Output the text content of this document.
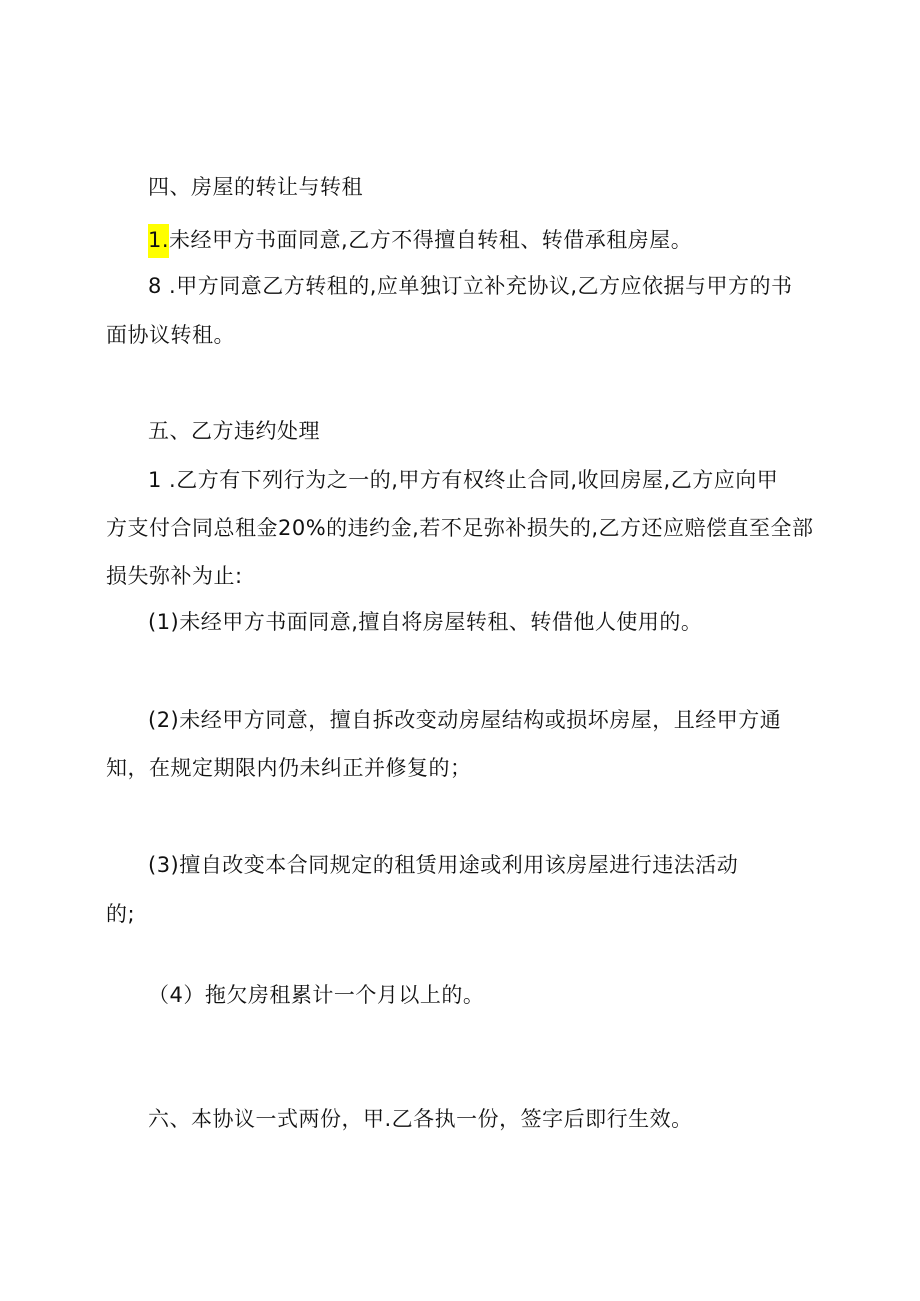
四、房屋的转让与转租
1.未经甲方书面同意,乙方不得擅自转租、转借承租房屋。
8 .甲方同意乙方转租的,应单独订立补充协议,乙方应依据与甲方的书
面协议转租。
五、乙方违约处理
1 .乙方有下列行为之一的,甲方有权终止合同,收回房屋,乙方应向甲
方支付合同总租金20%的违约金,若不足弥补损失的,乙方还应赔偿直至全部
损失弥补为止:
(1)未经甲方书面同意,擅自将房屋转租、转借他人使用的。
(2)未经甲方同意，擅自拆改变动房屋结构或损坏房屋，且经甲方通
知，在规定期限内仍未纠正并修复的；
(3)擅自改变本合同规定的租赁用途或利用该房屋进行违法活动
的;
（4）拖欠房租累计一个月以上的。
六、本协议一式两份，甲.乙各执一份，签字后即行生效。
